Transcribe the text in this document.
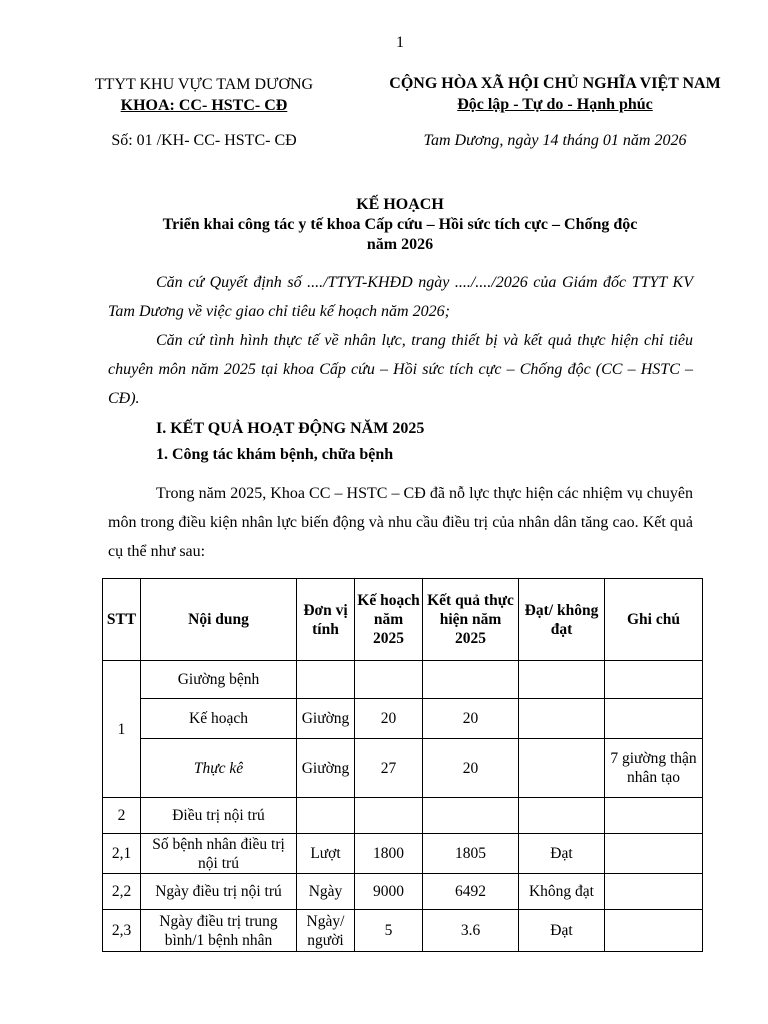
1
TTYT KHU VỰC TAM DƯƠNG
KHOA: CC- HSTC- CĐ
Số: 01 /KH- CC- HSTC- CĐ
CỘNG HÒA XÃ HỘI CHỦ NGHĨA VIỆT NAM
Độc lập - Tự do - Hạnh phúc
Tam Dương, ngày 14 tháng 01 năm 2026
KẾ HOẠCH
Triển khai công tác y tế khoa Cấp cứu – Hồi sức tích cực – Chống độc
năm 2026

Căn cứ Quyết định số ..../TTYT-KHĐD ngày ..../..../2026 của Giám đốc TTYT KV Tam Dương về việc giao chỉ tiêu kế hoạch năm 2026;

Căn cứ tình hình thực tế về nhân lực, trang thiết bị và kết quả thực hiện chỉ tiêu chuyên môn năm 2025 tại khoa Cấp cứu – Hồi sức tích cực – Chống độc (CC – HSTC – CĐ).

I. KẾT QUẢ HOẠT ĐỘNG NĂM 2025
1. Công tác khám bệnh, chữa bệnh

Trong năm 2025, Khoa CC – HSTC – CĐ đã nỗ lực thực hiện các nhiệm vụ chuyên môn trong điều kiện nhân lực biến động và nhu cầu điều trị của nhân dân tăng cao. Kết quả cụ thể như sau:

STT	Nội dung	Đơn vị tính	Kế hoạch năm 2025	Kết quả thực hiện năm 2025	Đạt/ không đạt	Ghi chú
1	Giường bệnh					
	Kế hoạch	Giường	20	20		
	Thực kê	Giường	27	20		7 giường thận nhân tạo
2	Điều trị nội trú					
2,1	Số bệnh nhân điều trị nội trú	Lượt	1800	1805	Đạt	
2,2	Ngày điều trị nội trú	Ngày	9000	6492	Không đạt	
2,3	Ngày điều trị trung bình/1 bệnh nhân	Ngày/ người	5	3.6	Đạt	
